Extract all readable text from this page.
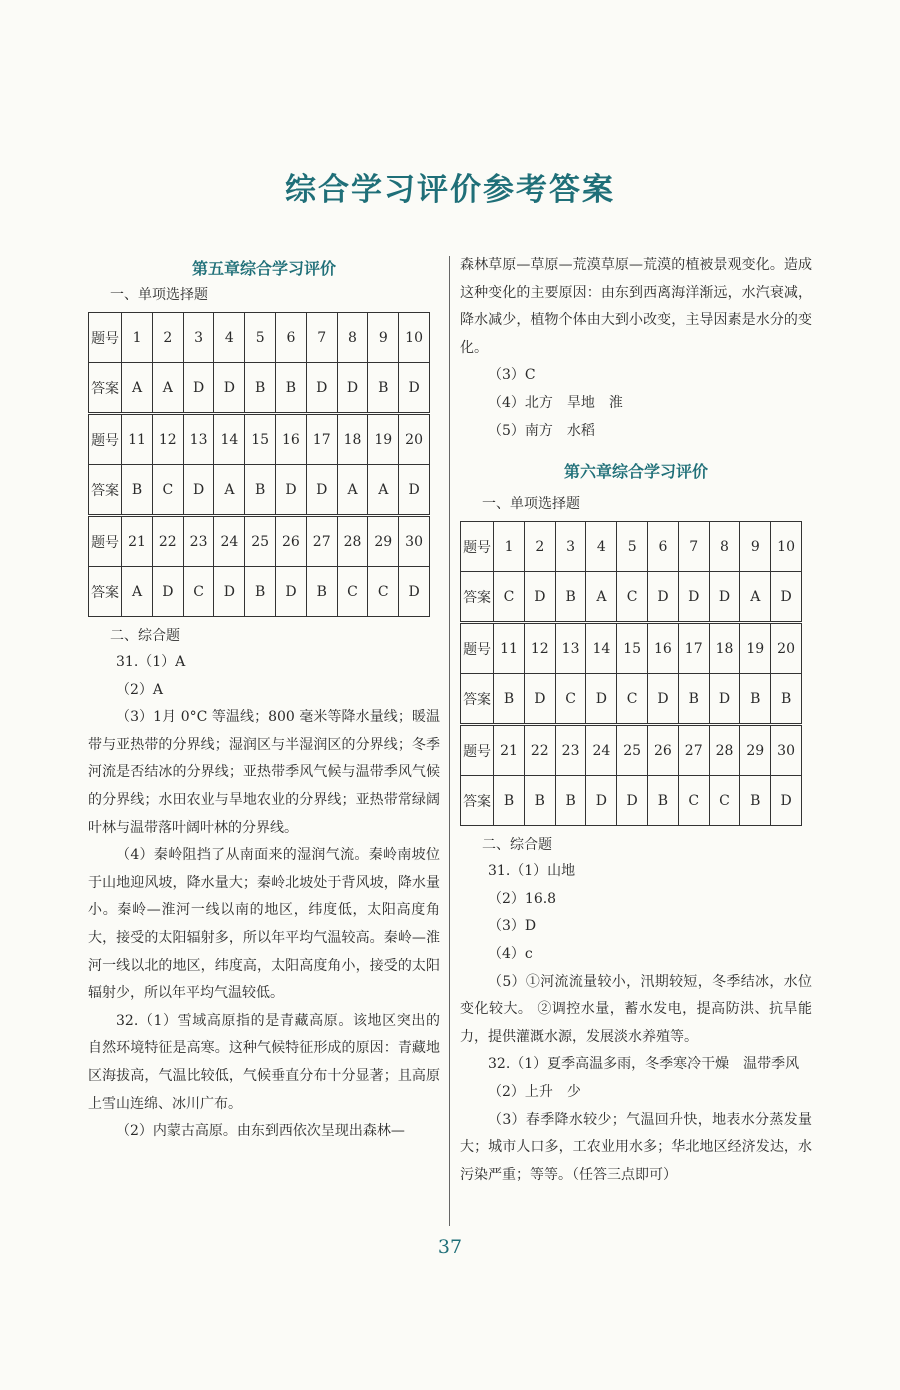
综合学习评价参考答案
第五章综合学习评价
一、单项选择题
题号	1	2	3	4	5	6	7	8	9	10
答案	A	A	D	D	B	B	D	D	B	D
题号	11	12	13	14	15	16	17	18	19	20
答案	B	C	D	A	B	D	D	A	A	D
题号	21	22	23	24	25	26	27	28	29	30
答案	A	D	C	D	B	D	B	C	C	D
二、综合题

31.（1）A

（2）A

（3）1月 0°C 等温线；800 毫米等降水量线；暖温带与亚热带的分界线；湿润区与半湿润区的分界线；冬季河流是否结冰的分界线；亚热带季风气候与温带季风气候的分界线；水田农业与旱地农业的分界线；亚热带常绿阔叶林与温带落叶阔叶林的分界线。

（4）秦岭阻挡了从南面来的湿润气流。秦岭南坡位于山地迎风坡，降水量大；秦岭北坡处于背风坡，降水量小。秦岭—淮河一线以南的地区，纬度低，太阳高度角大，接受的太阳辐射多，所以年平均气温较高。秦岭—淮河一线以北的地区，纬度高，太阳高度角小，接受的太阳辐射少，所以年平均气温较低。

32.（1）雪域高原指的是青藏高原。该地区突出的自然环境特征是高寒。这种气候特征形成的原因：青藏地区海拔高，气温比较低，气候垂直分布十分显著；且高原上雪山连绵、冰川广布。

（2）内蒙古高原。由东到西依次呈现出森林—

森林草原—草原—荒漠草原—荒漠的植被景观变化。造成这种变化的主要原因：由东到西离海洋渐远，水汽衰减，降水减少，植物个体由大到小改变，主导因素是水分的变化。

（3）C

（4）北方　旱地　淮

（5）南方　水稻

第六章综合学习评价
一、单项选择题
题号	1	2	3	4	5	6	7	8	9	10
答案	C	D	B	A	C	D	D	D	A	D
题号	11	12	13	14	15	16	17	18	19	20
答案	B	D	C	D	C	D	B	D	B	B
题号	21	22	23	24	25	26	27	28	29	30
答案	B	B	B	D	D	B	C	C	B	D
二、综合题

31.（1）山地

（2）16.8

（3）D

（4）c

（5）①河流流量较小，汛期较短，冬季结冰，水位变化较大。 ②调控水量，蓄水发电，提高防洪、抗旱能力，提供灌溉水源，发展淡水养殖等。

32.（1）夏季高温多雨，冬季寒冷干燥　温带季风

（2）上升　少

（3）春季降水较少；气温回升快，地表水分蒸发量大；城市人口多，工农业用水多；华北地区经济发达，水污染严重；等等。（任答三点即可）

37
